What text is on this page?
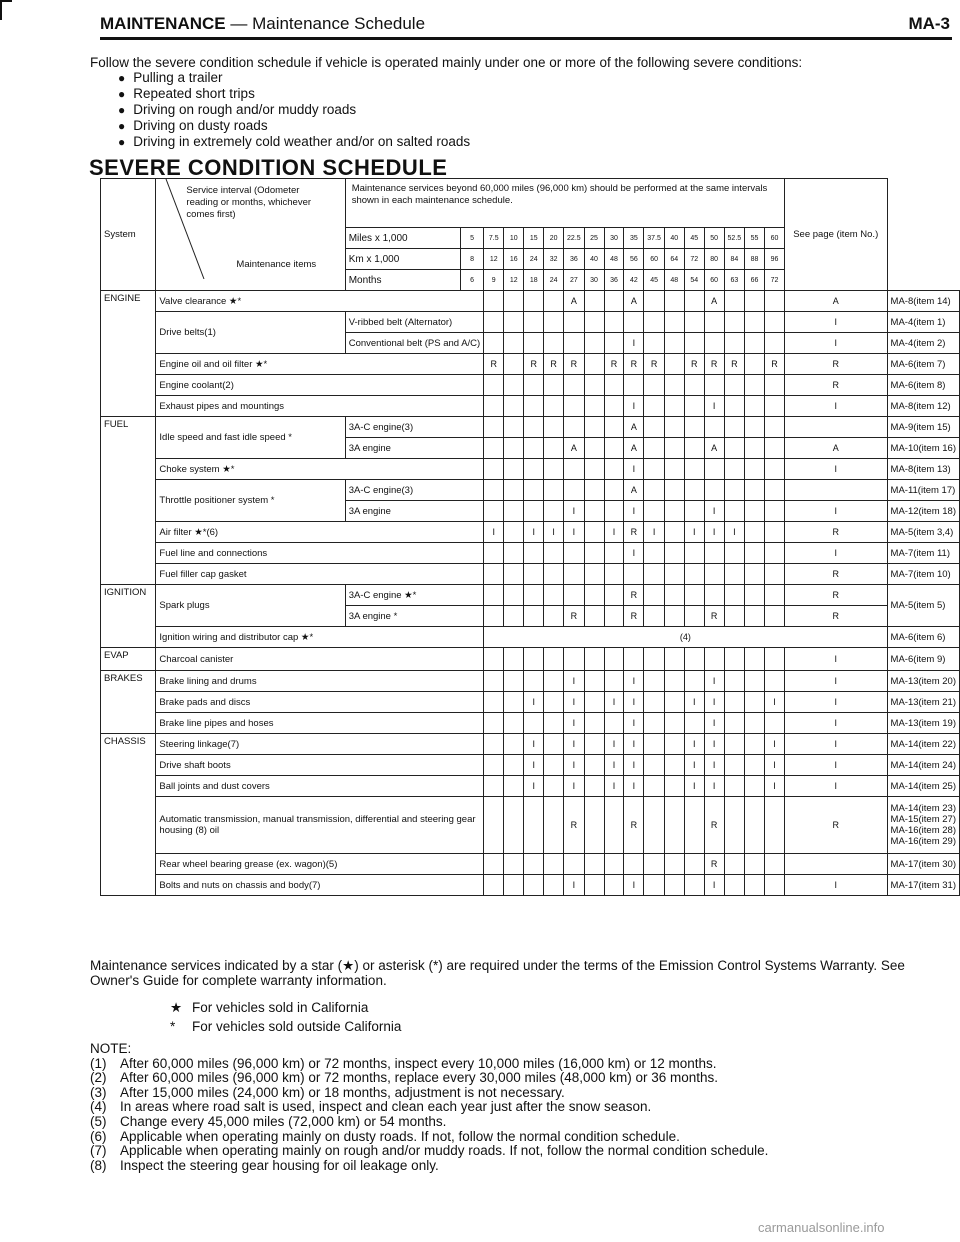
MAINTENANCE — Maintenance Schedule	MA-3
Follow the severe condition schedule if vehicle is operated mainly under one or more of the following severe conditions:
● Pulling a trailer
● Repeated short trips
● Driving on rough and/or muddy roads
● Driving on dusty roads
● Driving in extremely cold weather and/or on salted roads
SEVERE CONDITION SCHEDULE
System	Service interval (Odometer reading or months, whichever comes first)
Maintenance items	Maintenance services beyond 60,000 miles (96,000 km) should be performed at the same intervals shown in each maintenance schedule.																	See page (item No.)	
		Miles x 1,000	5	7.5	10	15	20	22.5	25	30	35	37.5	40	45	50	52.5	55	60		
		Km x 1,000	8	12	16	24	32	36	40	48	56	60	64	72	80	84	88	96		
		Months	6	9	12	18	24	27	30	36	42	45	48	54	60	63	66	72		
ENGINE	Valve clearance ★*							A			A				A				A	MA-8(item 14)

	Drive belts(1)	V-ribbed belt (Alternator)																	I	MA-4(item 1)

		Conventional belt (PS and A/C)									I								I	MA-4(item 2)

	Engine oil and oil filter ★*			R		R	R	R		R	R	R		R	R	R		R	R	MA-6(item 7)

	Engine coolant(2)																		R	MA-6(item 8)

	Exhaust pipes and mountings										I				I				I	MA-8(item 12)

FUEL	Idle speed and fast idle speed *	3A-C engine(3)									A									MA-9(item 15)

		3A engine						A			A				A				A	MA-10(item 16)

	Choke system ★*										I								I	MA-8(item 13)

	Throttle positioner system *	3A-C engine(3)									A									MA-11(item 17)

		3A engine						I			I				I				I	MA-12(item 18)

	Air filter ★*(6)			I		I	I	I		I	R	I		I	I	I			R	MA-5(item 3,4)

	Fuel line and connections										I								I	MA-7(item 11)

	Fuel filler cap gasket																		R	MA-7(item 10)

IGNITION	Spark plugs	3A-C engine ★*									R								R	MA-5(item 5)

		3A engine *						R			R				R				R	
	Ignition wiring and distributor cap ★*			(4)																MA-6(item 6)

EVAP	Charcoal canister																		I	MA-6(item 9)

BRAKES	Brake lining and drums							I			I				I				I	MA-13(item 20)

	Brake pads and discs					I		I		I	I			I	I			I	I	MA-13(item 21)

	Brake line pipes and hoses							I			I				I				I	MA-13(item 19)

CHASSIS	Steering linkage(7)					I		I		I	I			I	I			I	I	MA-14(item 22)

	Drive shaft boots					I		I		I	I			I	I			I	I	MA-14(item 24)

	Ball joints and dust covers					I		I		I	I			I	I			I	I	MA-14(item 25)

	Automatic transmission, manual transmission, differential and steering gear housing (8) oil							R			R				R				R	MA-14(item 23)
MA-15(item 27)
MA-16(item 28)
MA-16(item 29)

	Rear wheel bearing grease (ex. wagon)(5)														R					MA-17(item 30)

	Bolts and nuts on chassis and body(7)							I			I				I				I	MA-17(item 31)
Maintenance services indicated by a star (★) or asterisk (*) are required under the terms of the Emission Control Systems Warranty. See Owner's Guide for complete warranty information.
★ For vehicles sold in California
* For vehicles sold outside California
NOTE:
(1)	After 60,000 miles (96,000 km) or 72 months, inspect every 10,000 miles (16,000 km) or 12 months.
(2)	After 60,000 miles (96,000 km) or 72 months, replace every 30,000 miles (48,000 km) or 36 months.
(3)	After 15,000 miles (24,000 km) or 18 months, adjustment is not necessary.
(4)	In areas where road salt is used, inspect and clean each year just after the snow season.
(5)	Change every 45,000 miles (72,000 km) or 54 months.
(6)	Applicable when operating mainly on dusty roads. If not, follow the normal condition schedule.
(7)	Applicable when operating mainly on rough and/or muddy roads. If not, follow the normal condition schedule.
(8)	Inspect the steering gear housing for oil leakage only.
carmanualsonline.info
